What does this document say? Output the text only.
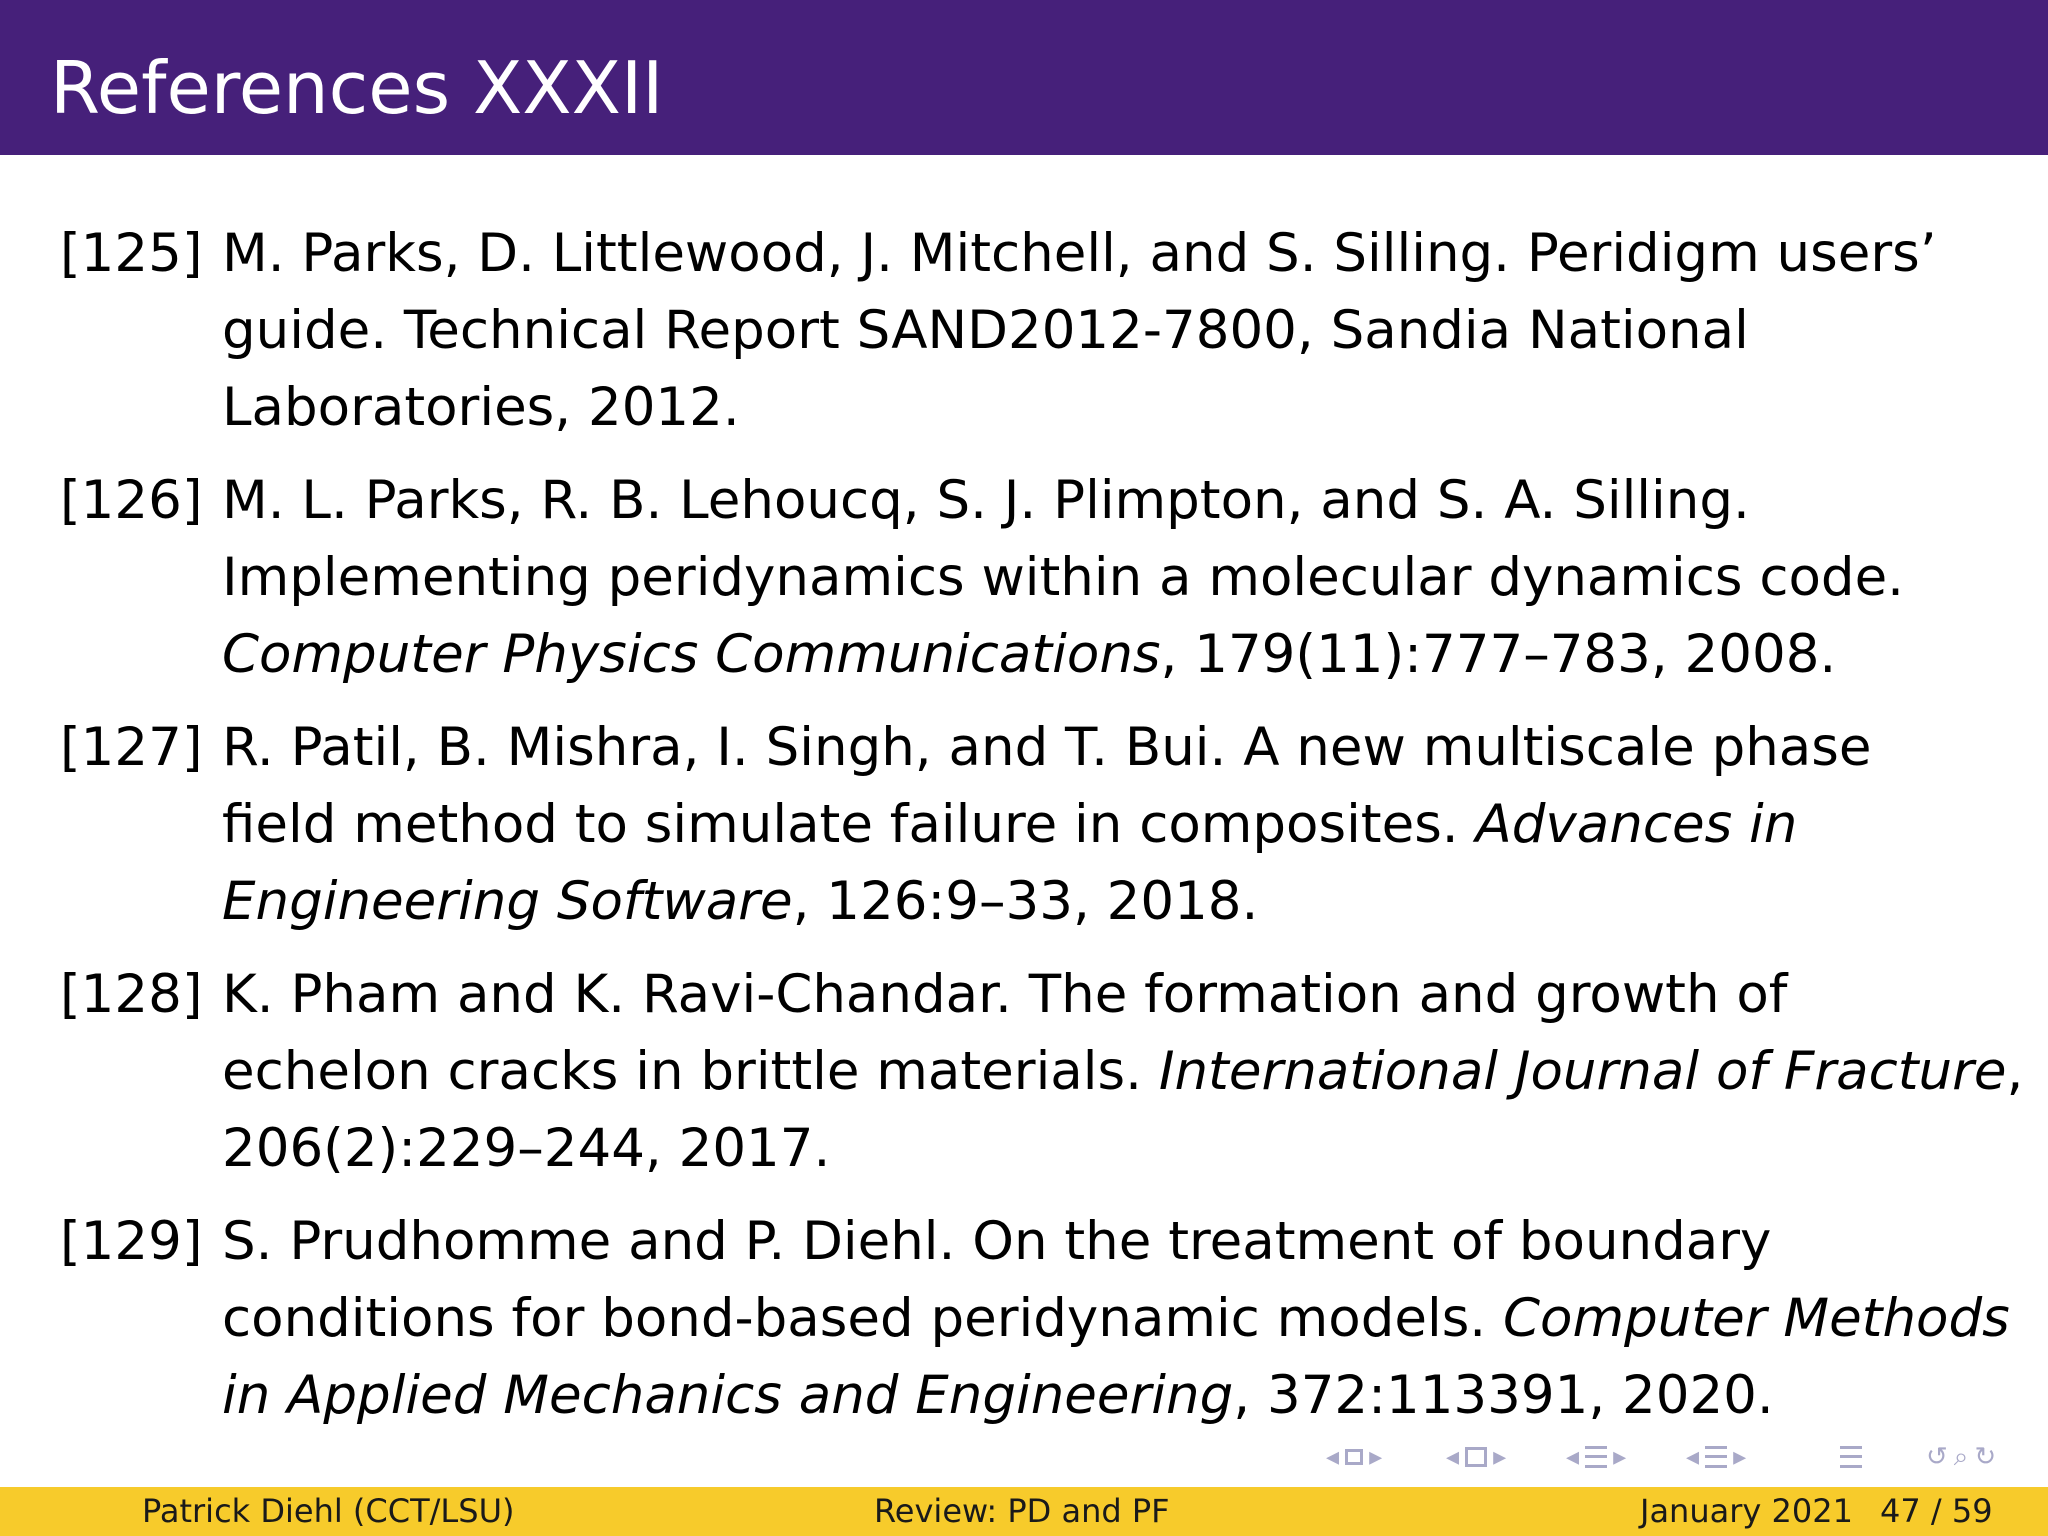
References XXXII
[125] M. Parks, D. Littlewood, J. Mitchell, and S. Silling. Peridigm users’
guide. Technical Report SAND2012-7800, Sandia National
Laboratories, 2012.
[126] M. L. Parks, R. B. Lehoucq, S. J. Plimpton, and S. A. Silling.
Implementing peridynamics within a molecular dynamics code.
Computer Physics Communications, 179(11):777–783, 2008.
[127] R. Patil, B. Mishra, I. Singh, and T. Bui. A new multiscale phase
field method to simulate failure in composites. Advances in
Engineering Software, 126:9–33, 2018.
[128] K. Pham and K. Ravi-Chandar. The formation and growth of
echelon cracks in brittle materials. International Journal of Fracture,
206(2):229–244, 2017.
[129] S. Prudhomme and P. Diehl. On the treatment of boundary
conditions for bond-based peridynamic models. Computer Methods
in Applied Mechanics and Engineering, 372:113391, 2020.
◂ ▸ ◂ ▸ ◂ ▸ ◂ ▸	↺ ⌕ ↻
Patrick Diehl (CCT/LSU)	Review: PD and PF	January 2021 47 / 59
